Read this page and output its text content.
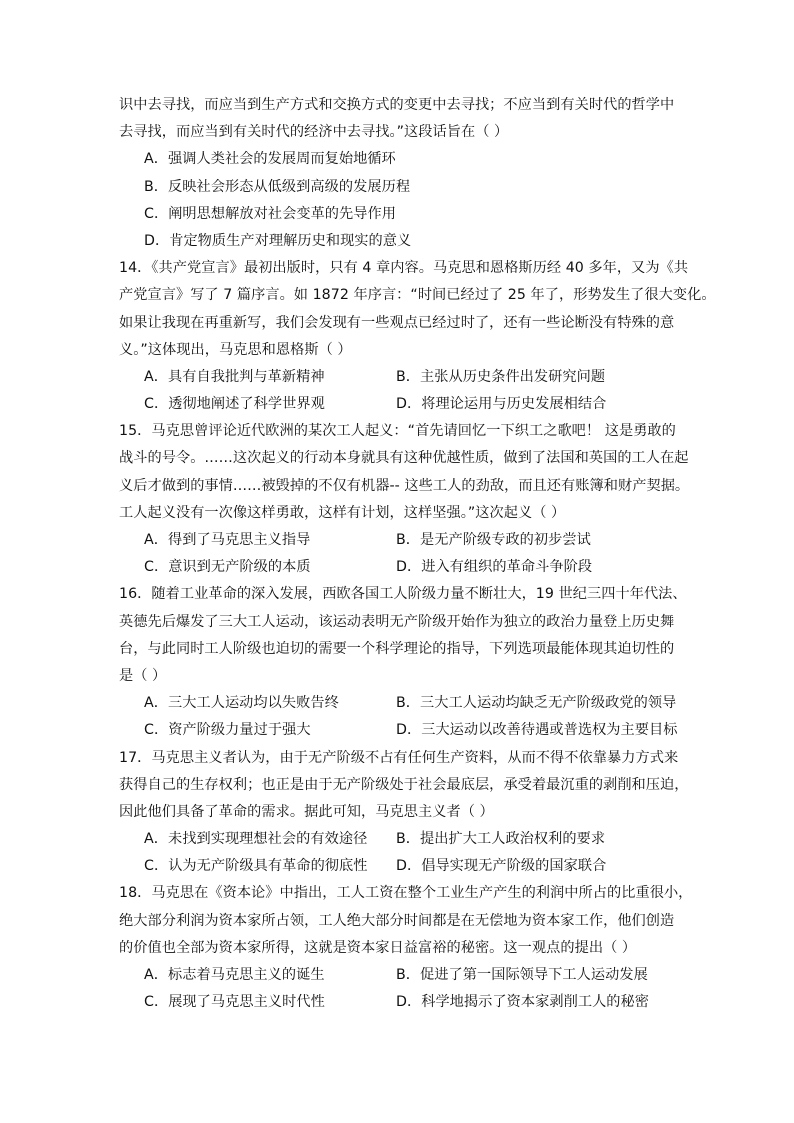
识中去寻找，而应当到生产方式和交换方式的变更中去寻找；不应当到有关时代的哲学中
去寻找，而应当到有关时代的经济中去寻找。”这段话旨在（ ）
A．强调人类社会的发展周而复始地循环
B．反映社会形态从低级到高级的发展历程
C．阐明思想解放对社会变革的先导作用
D．肯定物质生产对理解历史和现实的意义
14．《共产党宣言》最初出版时，只有 4 章内容。马克思和恩格斯历经 40 多年，又为《共
产党宣言》写了 7 篇序言。如 1872 年序言：“时间已经过了 25 年了，形势发生了很大变化。
如果让我现在再重新写，我们会发现有一些观点已经过时了，还有一些论断没有特殊的意
义。”这体现出，马克思和恩格斯（ ）
A．具有自我批判与革新精神	B．主张从历史条件出发研究问题
C．透彻地阐述了科学世界观	D．将理论运用与历史发展相结合
15．马克思曾评论近代欧洲的某次工人起义：“首先请回忆一下织工之歌吧！ 这是勇敢的
战斗的号令。……这次起义的行动本身就具有这种优越性质，做到了法国和英国的工人在起
义后才做到的事情……被毁掉的不仅有机器-- 这些工人的劲敌，而且还有账簿和财产契据。
工人起义没有一次像这样勇敢，这样有计划，这样坚强。”这次起义（ ）
A．得到了马克思主义指导	B．是无产阶级专政的初步尝试
C．意识到无产阶级的本质	D．进入有组织的革命斗争阶段
16．随着工业革命的深入发展，西欧各国工人阶级力量不断壮大，19 世纪三四十年代法、
英德先后爆发了三大工人运动，该运动表明无产阶级开始作为独立的政治力量登上历史舞
台，与此同时工人阶级也迫切的需要一个科学理论的指导，下列选项最能体现其迫切性的
是（ ）
A．三大工人运动均以失败告终	B．三大工人运动均缺乏无产阶级政党的领导
C．资产阶级力量过于强大	D．三大运动以改善待遇或普选权为主要目标
17．马克思主义者认为，由于无产阶级不占有任何生产资料，从而不得不依靠暴力方式来
获得自己的生存权利；也正是由于无产阶级处于社会最底层，承受着最沉重的剥削和压迫，
因此他们具备了革命的需求。据此可知，马克思主义者（ ）
A．未找到实现理想社会的有效途径	B．提出扩大工人政治权利的要求
C．认为无产阶级具有革命的彻底性	D．倡导实现无产阶级的国家联合
18．马克思在《资本论》中指出，工人工资在整个工业生产产生的利润中所占的比重很小，
绝大部分利润为资本家所占领，工人绝大部分时间都是在无偿地为资本家工作，他们创造
的价值也全部为资本家所得，这就是资本家日益富裕的秘密。这一观点的提出（ ）
A．标志着马克思主义的诞生	B．促进了第一国际领导下工人运动发展
C．展现了马克思主义时代性	D．科学地揭示了资本家剥削工人的秘密
